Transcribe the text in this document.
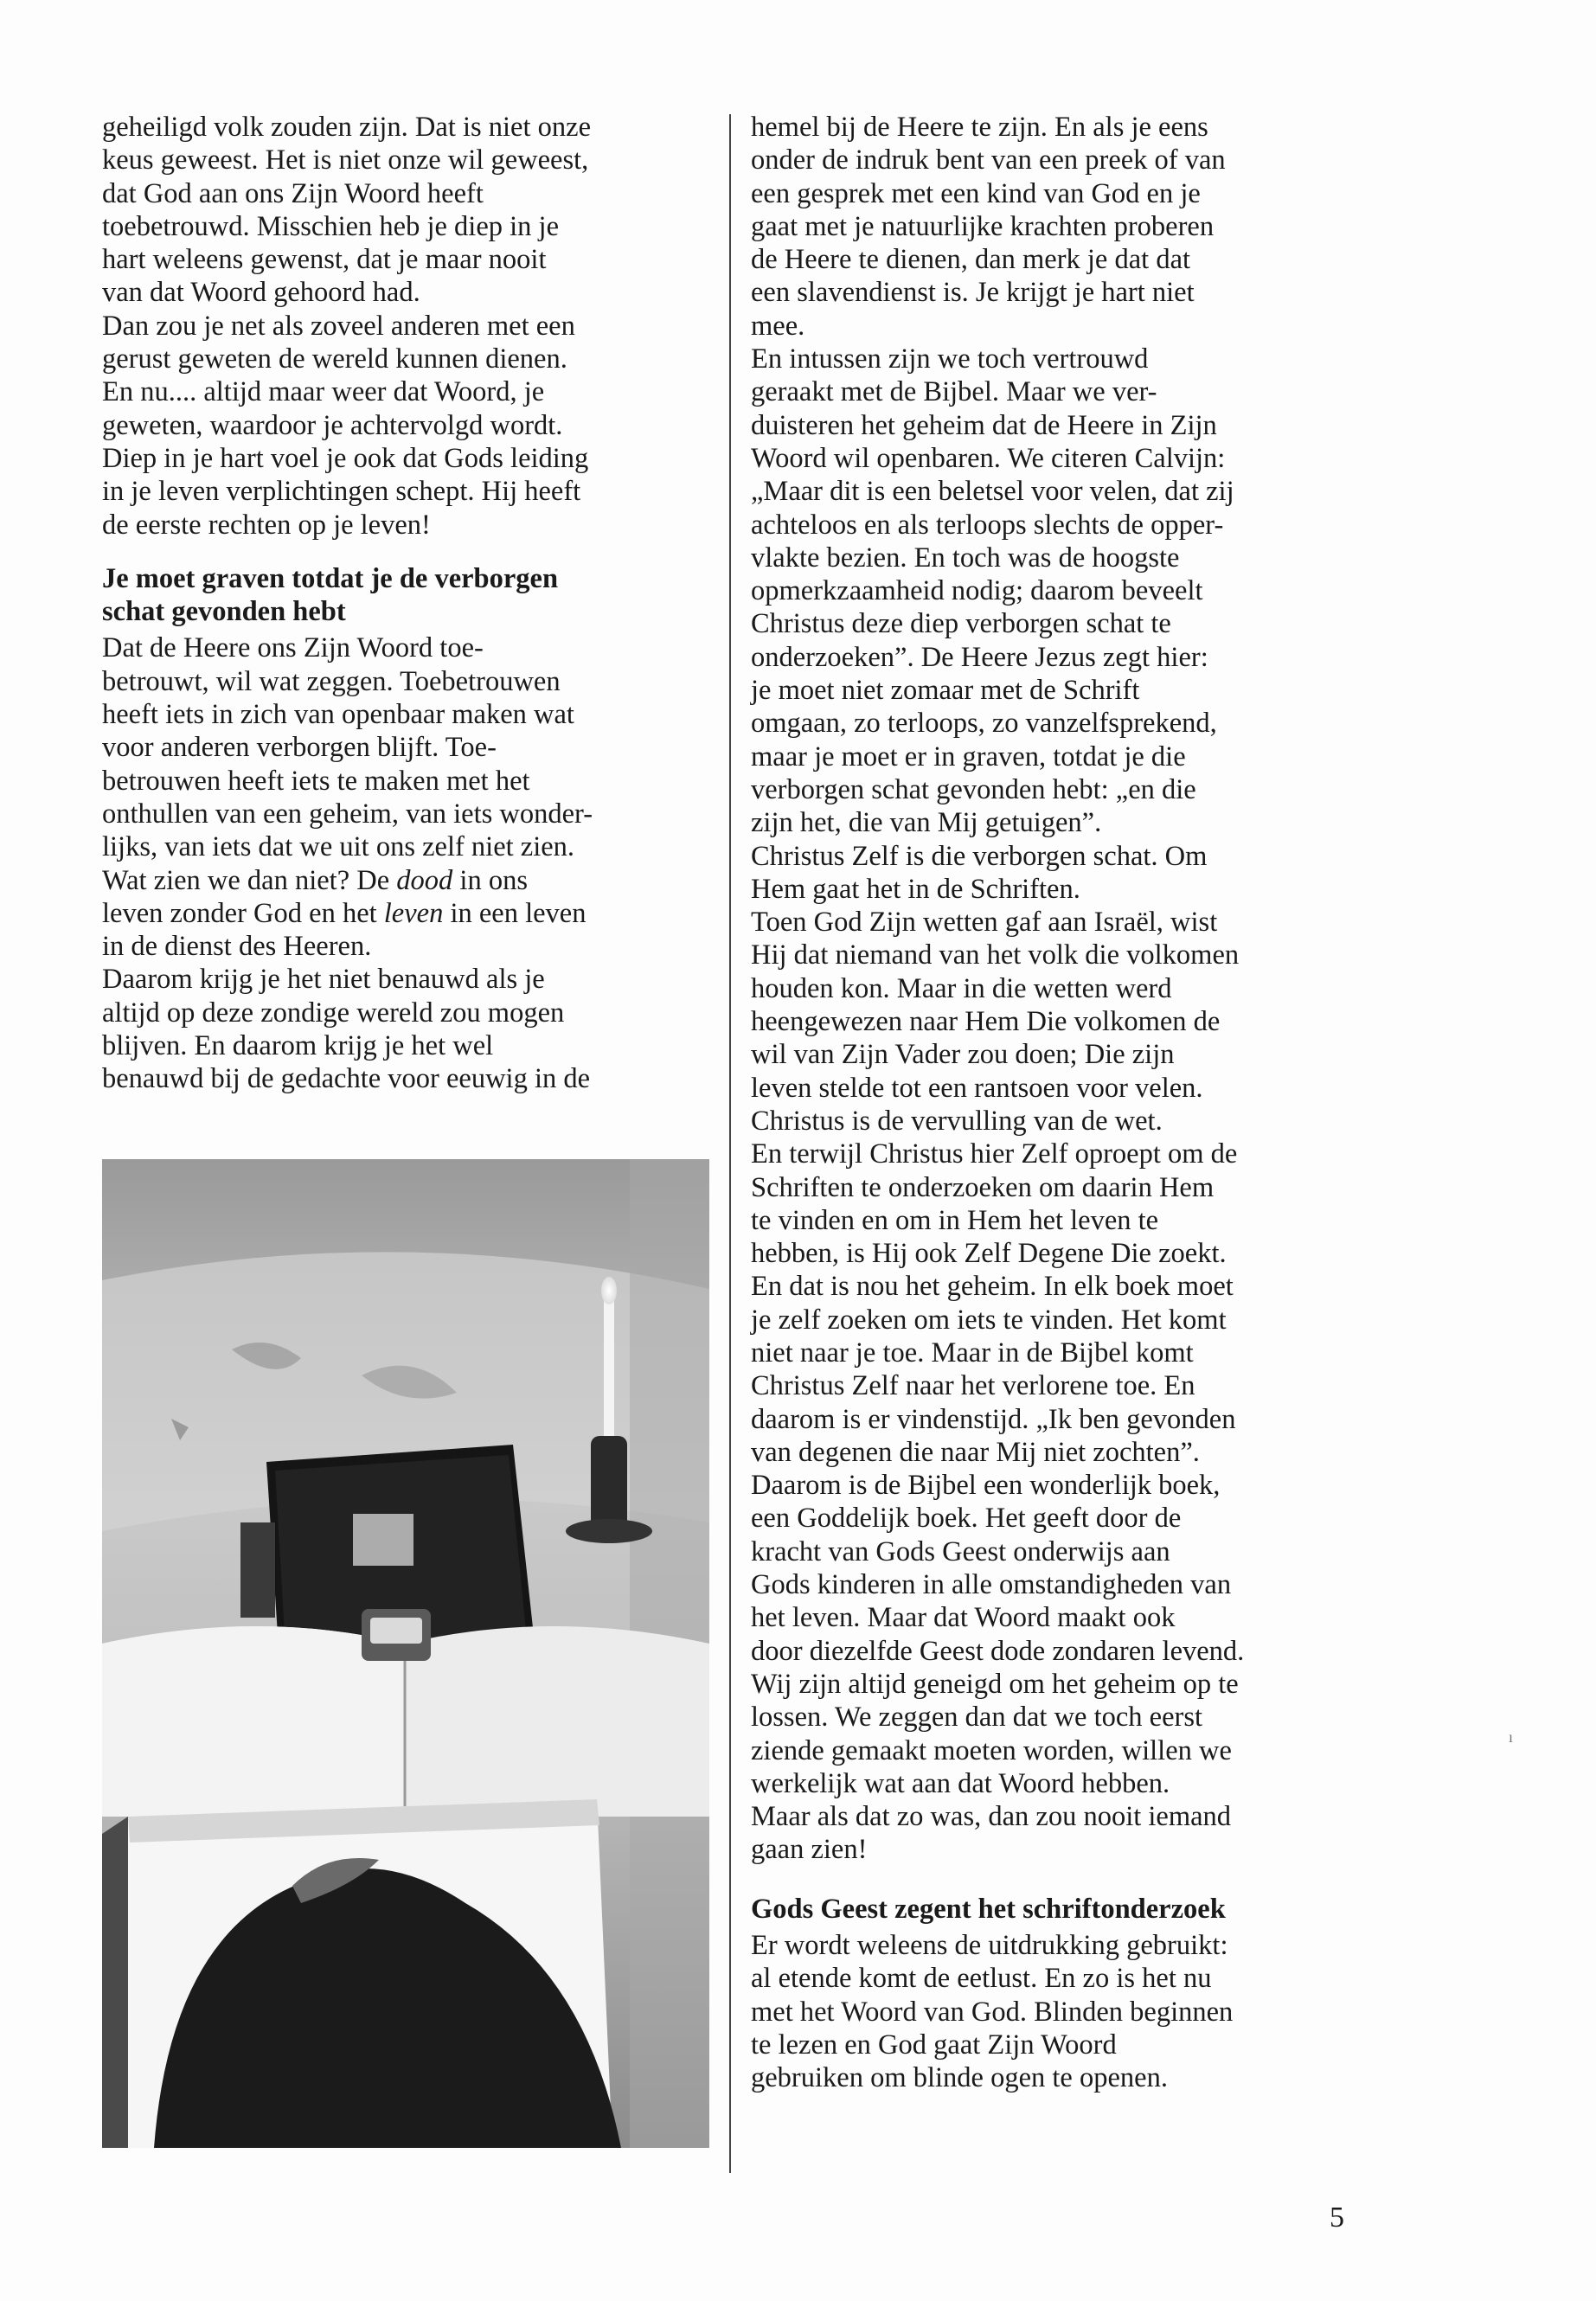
geheiligd volk zouden zijn. Dat is niet onze
keus geweest. Het is niet onze wil geweest,
dat God aan ons Zijn Woord heeft
toebetrouwd. Misschien heb je diep in je
hart weleens gewenst, dat je maar nooit
van dat Woord gehoord had.

Dan zou je net als zoveel anderen met een
gerust geweten de wereld kunnen dienen.

En nu.... altijd maar weer dat Woord, je
geweten, waardoor je achtervolgd wordt.
Diep in je hart voel je ook dat Gods leiding
in je leven verplichtingen schept. Hij heeft
de eerste rechten op je leven!

Je moet graven totdat je de verborgen
schat gevonden hebt

Dat de Heere ons Zijn Woord toe-
betrouwt, wil wat zeggen. Toebetrouwen
heeft iets in zich van openbaar maken wat
voor anderen verborgen blijft. Toe-
betrouwen heeft iets te maken met het
onthullen van een geheim, van iets wonder-
lijks, van iets dat we uit ons zelf niet zien.
Wat zien we dan niet? De dood in ons
leven zonder God en het leven in een leven
in de dienst des Heeren.

Daarom krijg je het niet benauwd als je
altijd op deze zondige wereld zou mogen
blijven. En daarom krijg je het wel
benauwd bij de gedachte voor eeuwig in de

hemel bij de Heere te zijn. En als je eens
onder de indruk bent van een preek of van
een gesprek met een kind van God en je
gaat met je natuurlijke krachten proberen
de Heere te dienen, dan merk je dat dat
een slavendienst is. Je krijgt je hart niet
mee.

En intussen zijn we toch vertrouwd
geraakt met de Bijbel. Maar we ver-
duisteren het geheim dat de Heere in Zijn
Woord wil openbaren. We citeren Calvijn:
„Maar dit is een beletsel voor velen, dat zij
achteloos en als terloops slechts de opper-
vlakte bezien. En toch was de hoogste
opmerkzaamheid nodig; daarom beveelt
Christus deze diep verborgen schat te
onderzoeken”. De Heere Jezus zegt hier:
je moet niet zomaar met de Schrift
omgaan, zo terloops, zo vanzelfsprekend,
maar je moet er in graven, totdat je die
verborgen schat gevonden hebt: „en die
zijn het, die van Mij getuigen”.

Christus Zelf is die verborgen schat. Om
Hem gaat het in de Schriften.

Toen God Zijn wetten gaf aan Israël, wist
Hij dat niemand van het volk die volkomen
houden kon. Maar in die wetten werd
heengewezen naar Hem Die volkomen de
wil van Zijn Vader zou doen; Die zijn
leven stelde tot een rantsoen voor velen.
Christus is de vervulling van de wet.

En terwijl Christus hier Zelf oproept om de
Schriften te onderzoeken om daarin Hem
te vinden en om in Hem het leven te
hebben, is Hij ook Zelf Degene Die zoekt.
En dat is nou het geheim. In elk boek moet
je zelf zoeken om iets te vinden. Het komt
niet naar je toe. Maar in de Bijbel komt
Christus Zelf naar het verlorene toe. En
daarom is er vindenstijd. „Ik ben gevonden
van degenen die naar Mij niet zochten”.
Daarom is de Bijbel een wonderlijk boek,
een Goddelijk boek. Het geeft door de
kracht van Gods Geest onderwijs aan
Gods kinderen in alle omstandigheden van
het leven. Maar dat Woord maakt ook
door diezelfde Geest dode zondaren levend.
Wij zijn altijd geneigd om het geheim op te
lossen. We zeggen dan dat we toch eerst
ziende gemaakt moeten worden, willen we
werkelijk wat aan dat Woord hebben.
Maar als dat zo was, dan zou nooit iemand
gaan zien!

Gods Geest zegent het schriftonderzoek

Er wordt weleens de uitdrukking gebruikt:
al etende komt de eetlust. En zo is het nu
met het Woord van God. Blinden beginnen
te lezen en God gaat Zijn Woord
gebruiken om blinde ogen te openen.

ı
5
